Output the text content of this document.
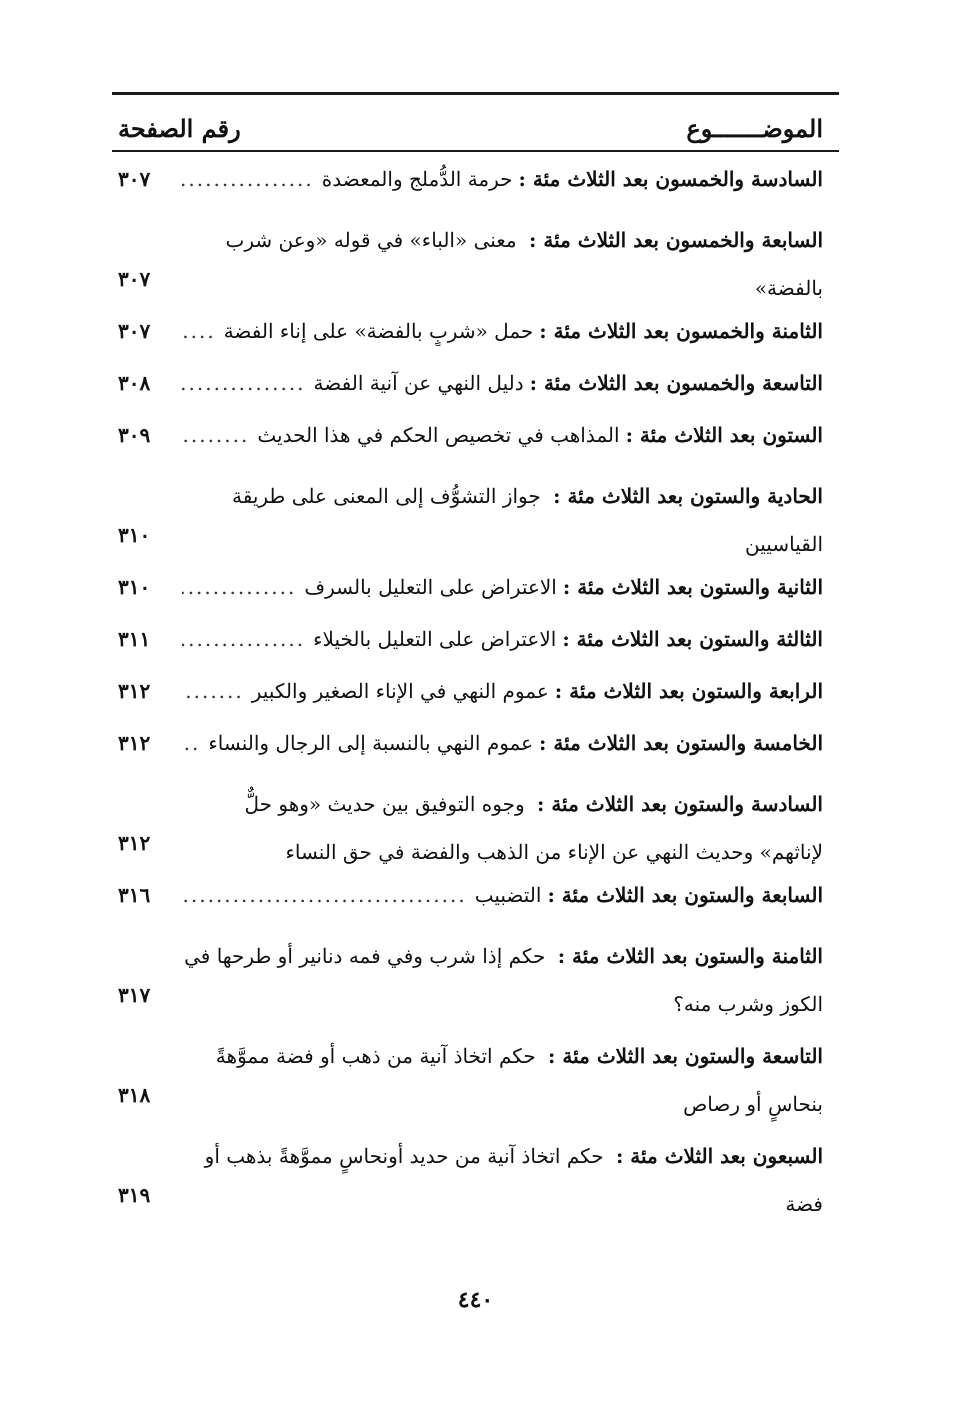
الموضـــــــوع
رقم الصفحة
السادسة والخمسون بعد الثلاث مئة :
حرمة الدُّملج والمعضدة
.....
٣٠٧
السابعة والخمسون بعد الثلاث مئة : معنى «الباء» في قوله «وعن شرب بالفضة»
٣٠٧
الثامنة والخمسون بعد الثلاث مئة :
حمل «شربٍ بالفضة» على إناء الفضة
.....
٣٠٧
التاسعة والخمسون بعد الثلاث مئة :
دليل النهي عن آنية الفضة
.....
٣٠٨
الستون بعد الثلاث مئة :
المذاهب في تخصيص الحكم في هذا الحديث
.....
٣٠٩
الحادية والستون بعد الثلاث مئة : جواز التشوُّف إلى المعنى على طريقة القياسيين
٣١٠
الثانية والستون بعد الثلاث مئة :
الاعتراض على التعليل بالسرف
.....
٣١٠
الثالثة والستون بعد الثلاث مئة :
الاعتراض على التعليل بالخيلاء
.....
٣١١
الرابعة والستون بعد الثلاث مئة :
عموم النهي في الإناء الصغير والكبير
.....
٣١٢
الخامسة والستون بعد الثلاث مئة :
عموم النهي بالنسبة إلى الرجال والنساء
.....
٣١٢
السادسة والستون بعد الثلاث مئة : وجوه التوفيق بين حديث «وهو حلٌّ لإناثهم» وحديث النهي عن الإناء من الذهب والفضة في حق النساء
٣١٢
السابعة والستون بعد الثلاث مئة :
التضبيب
.....
٣١٦
الثامنة والستون بعد الثلاث مئة : حكم إذا شرب وفي فمه دنانير أو طرحها في الكوز وشرب منه؟
٣١٧
التاسعة والستون بعد الثلاث مئة : حكم اتخاذ آنية من ذهب أو فضة مموَّهةً بنحاسٍ أو رصاص
٣١٨
السبعون بعد الثلاث مئة : حكم اتخاذ آنية من حديد أونحاسٍ مموَّهةً بذهب أو فضة
٣١٩
٤٤٠
